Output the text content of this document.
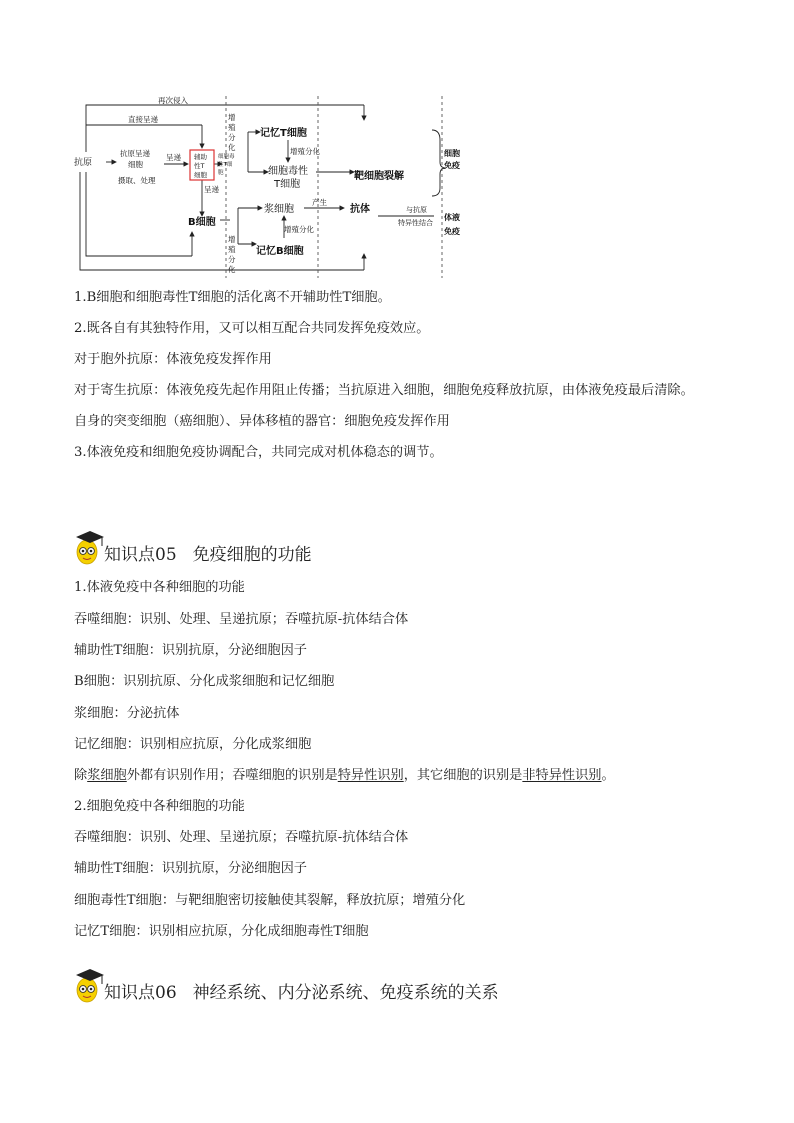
再次侵入
直接呈递
抗原
抗原呈递
细胞
摄取、处理
呈递 辅助
性T
细胞
细胞毒
性T细
胞
呈递
B细胞
增
殖
分
化
增
殖
分
化
记忆T细胞
增殖分化
细胞毒性
T细胞
靶细胞裂解
浆细胞
产生
抗体	与抗原
特异性结合
增殖分化
记忆B细胞
细胞
免疫
体液
免疫
1.B细胞和细胞毒性T细胞的活化离不开辅助性T细胞。
2.既各自有其独特作用，又可以相互配合共同发挥免疫效应。
对于胞外抗原：体液免疫发挥作用
对于寄生抗原：体液免疫先起作用阻止传播；当抗原进入细胞，细胞免疫释放抗原，由体液免疫最后清除。
自身的突变细胞（癌细胞）、异体移植的器官：细胞免疫发挥作用
3.体液免疫和细胞免疫协调配合，共同完成对机体稳态的调节。
知识点05 免疫细胞的功能
1.体液免疫中各种细胞的功能
吞噬细胞：识别、处理、呈递抗原；吞噬抗原-抗体结合体
辅助性T细胞：识别抗原，分泌细胞因子
B细胞：识别抗原、分化成浆细胞和记忆细胞
浆细胞：分泌抗体
记忆细胞：识别相应抗原，分化成浆细胞
除浆细胞外都有识别作用；吞噬细胞的识别是特异性识别，其它细胞的识别是非特异性识别。
2.细胞免疫中各种细胞的功能
吞噬细胞：识别、处理、呈递抗原；吞噬抗原-抗体结合体
辅助性T细胞：识别抗原，分泌细胞因子
细胞毒性T细胞：与靶细胞密切接触使其裂解，释放抗原；增殖分化
记忆T细胞：识别相应抗原，分化成细胞毒性T细胞
知识点06 神经系统、内分泌系统、免疫系统的关系
